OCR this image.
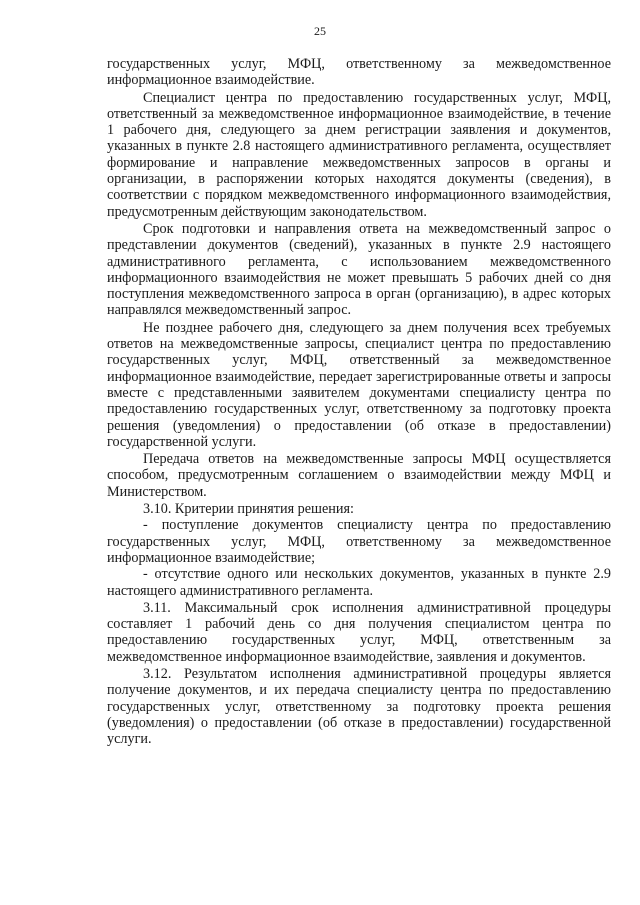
25

государственных услуг, МФЦ, ответственному за межведомственное информационное взаимодействие.

Специалист центра по предоставлению государственных услуг, МФЦ, ответственный за межведомственное информационное взаимодействие, в течение 1 рабочего дня, следующего за днем регистрации заявления и документов, указанных в пункте 2.8 настоящего административного регламента, осуществляет формирование и направление межведомственных запросов в органы и организации, в распоряжении которых находятся документы (сведения), в соответствии с порядком межведомственного информационного взаимодействия, предусмотренным действующим законодательством.

Срок подготовки и направления ответа на межведомственный запрос о представлении документов (сведений), указанных в пункте 2.9 настоящего административного регламента, с использованием межведомственного информационного взаимодействия не может превышать 5 рабочих дней со дня поступления межведомственного запроса в орган (организацию), в адрес которых направлялся межведомственный запрос.

Не позднее рабочего дня, следующего за днем получения всех требуемых ответов на межведомственные запросы, специалист центра по предоставлению государственных услуг, МФЦ, ответственный за межведомственное информационное взаимодействие, передает зарегистрированные ответы и запросы вместе с представленными заявителем документами специалисту центра по предоставлению государственных услуг, ответственному за подготовку проекта решения (уведомления) о предоставлении (об отказе в предоставлении) государственной услуги.

Передача ответов на межведомственные запросы МФЦ осуществляется способом, предусмотренным соглашением о взаимодействии между МФЦ и Министерством.

3.10. Критерии принятия решения:

- поступление документов специалисту центра по предоставлению государственных услуг, МФЦ, ответственному за межведомственное информационное взаимодействие;

- отсутствие одного или нескольких документов, указанных в пункте 2.9 настоящего административного регламента.

3.11. Максимальный срок исполнения административной процедуры составляет 1 рабочий день со дня получения специалистом центра по предоставлению государственных услуг, МФЦ, ответственным за межведомственное информационное взаимодействие, заявления и документов.

3.12. Результатом исполнения административной процедуры является получение документов, и их передача специалисту центра по предоставлению государственных услуг, ответственному за подготовку проекта решения (уведомления) о предоставлении (об отказе в предоставлении) государственной услуги.
